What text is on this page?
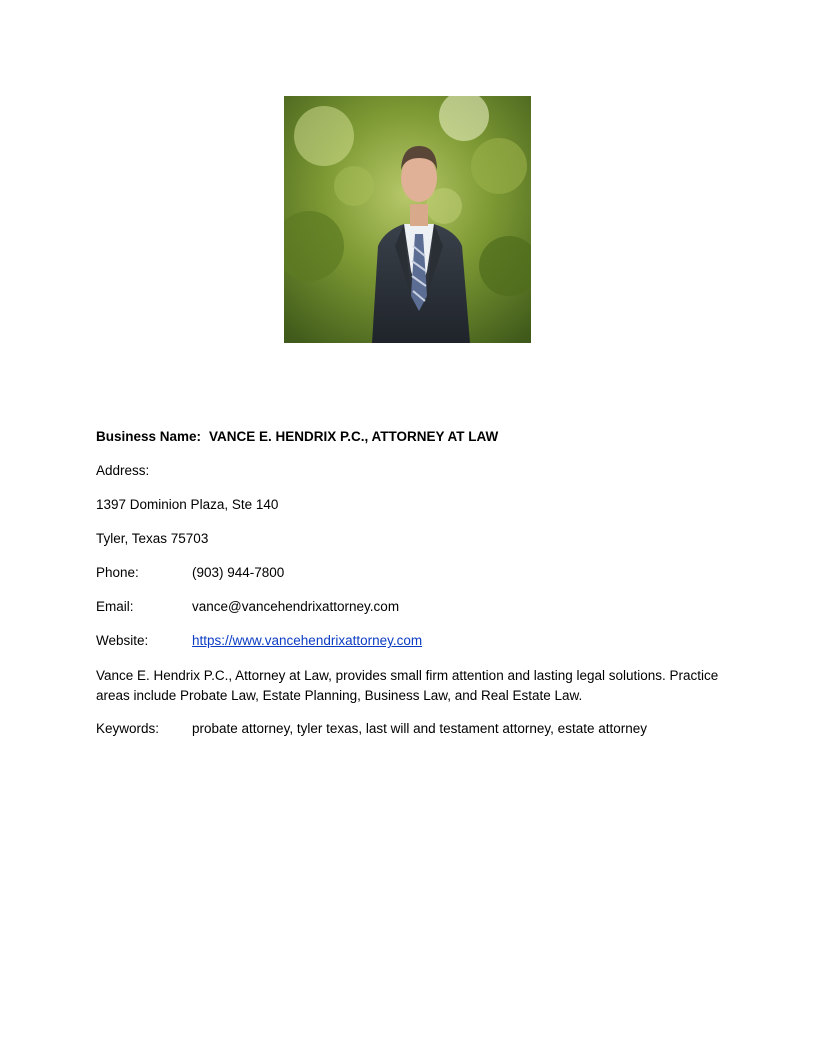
Business Name: VANCE E. HENDRIX P.C., ATTORNEY AT LAW
Address:
1397 Dominion Plaza, Ste 140
Tyler, Texas 75703
Phone:	(903) 944-7800
Email:	vance@vancehendrixattorney.com
Website:	https://www.vancehendrixattorney.com
Vance E. Hendrix P.C., Attorney at Law, provides small firm attention and lasting legal solutions. Practice areas include Probate Law, Estate Planning, Business Law, and Real Estate Law.
Keywords: probate attorney, tyler texas, last will and testament attorney, estate attorney
